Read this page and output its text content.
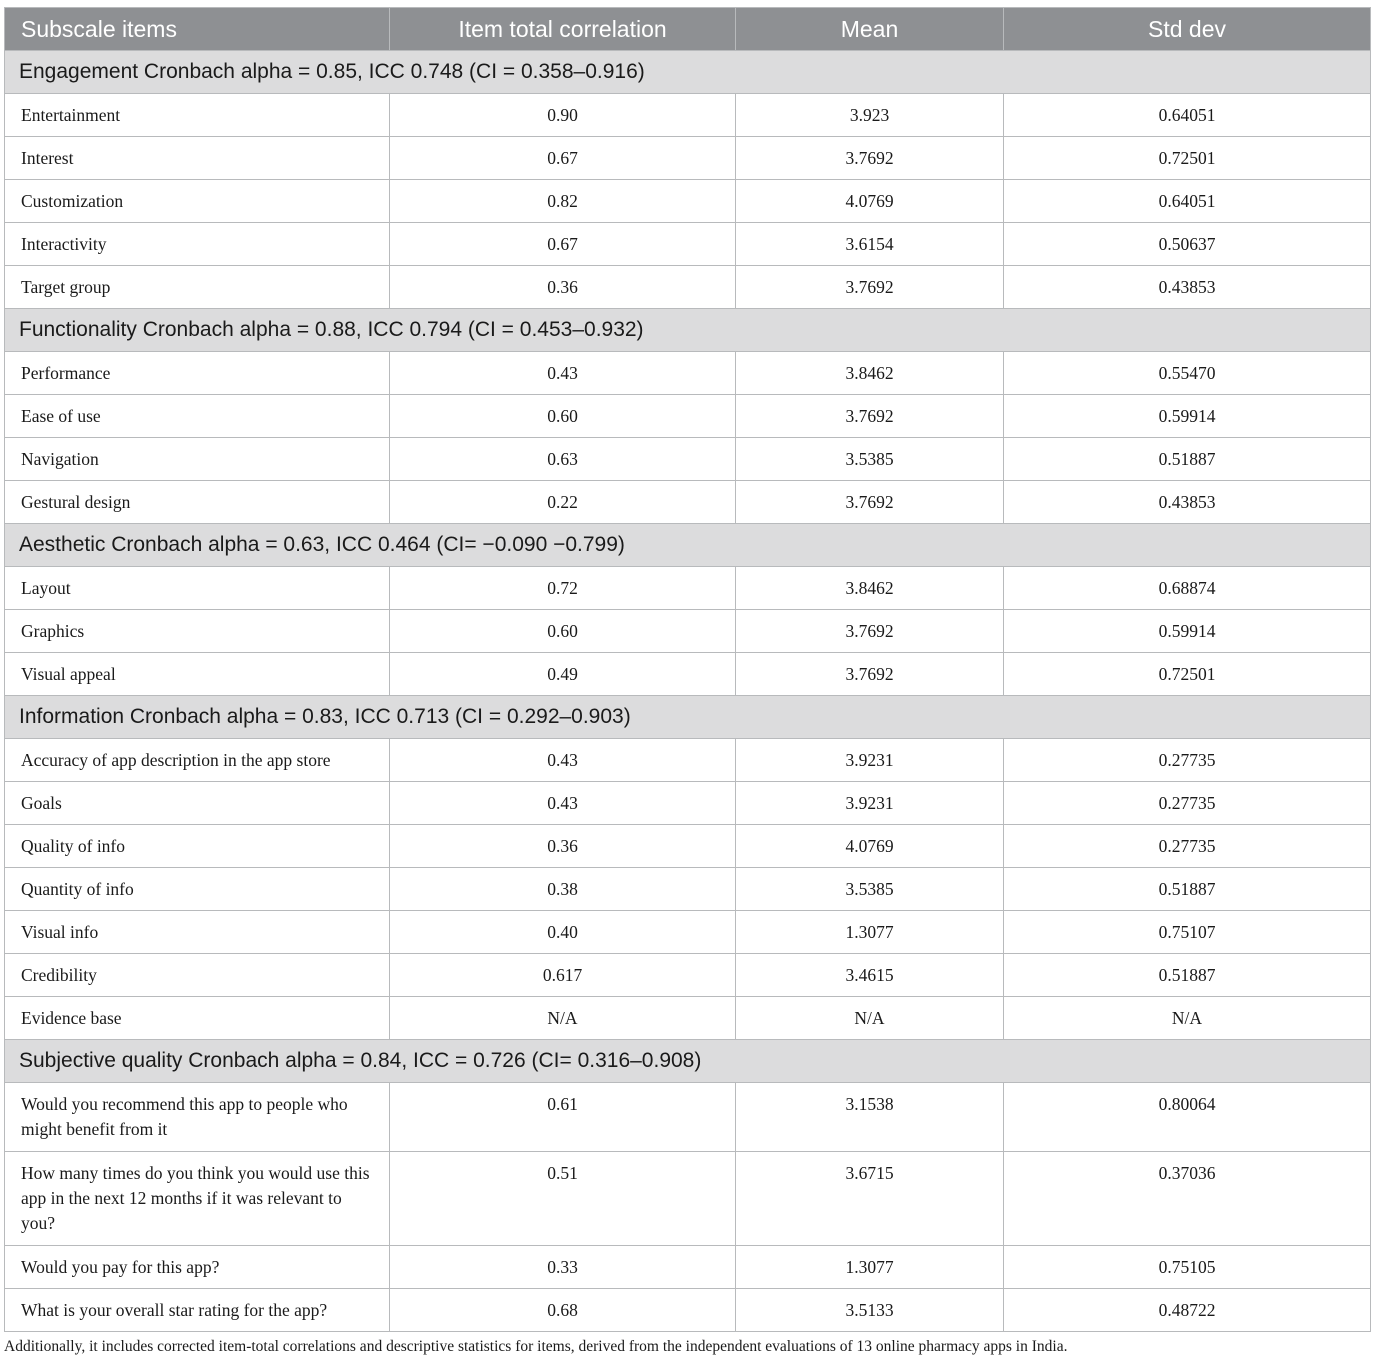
Subscale items	Item total correlation	Mean	Std dev
Engagement Cronbach alpha = 0.85, ICC 0.748 (CI = 0.358–0.916)			
Entertainment	0.90	3.923	0.64051
Interest	0.67	3.7692	0.72501
Customization	0.82	4.0769	0.64051
Interactivity	0.67	3.6154	0.50637
Target group	0.36	3.7692	0.43853
Functionality Cronbach alpha = 0.88, ICC 0.794 (CI = 0.453–0.932)			
Performance	0.43	3.8462	0.55470
Ease of use	0.60	3.7692	0.59914
Navigation	0.63	3.5385	0.51887
Gestural design	0.22	3.7692	0.43853
Aesthetic Cronbach alpha = 0.63, ICC 0.464 (CI= −0.090 −0.799)			
Layout	0.72	3.8462	0.68874
Graphics	0.60	3.7692	0.59914
Visual appeal	0.49	3.7692	0.72501
Information Cronbach alpha = 0.83, ICC 0.713 (CI = 0.292–0.903)			
Accuracy of app description in the app store	0.43	3.9231	0.27735
Goals	0.43	3.9231	0.27735
Quality of info	0.36	4.0769	0.27735
Quantity of info	0.38	3.5385	0.51887
Visual info	0.40	1.3077	0.75107
Credibility	0.617	3.4615	0.51887
Evidence base	N/A	N/A	N/A
Subjective quality Cronbach alpha = 0.84, ICC = 0.726 (CI= 0.316–0.908)			
Would you recommend this app to people who might benefit from it	0.61	3.1538	0.80064
How many times do you think you would use this app in the next 12 months if it was relevant to you?	0.51	3.6715	0.37036
Would you pay for this app?	0.33	1.3077	0.75105
What is your overall star rating for the app?	0.68	3.5133	0.48722
Additionally, it includes corrected item-total correlations and descriptive statistics for items, derived from the independent evaluations of 13 online pharmacy apps in India.
